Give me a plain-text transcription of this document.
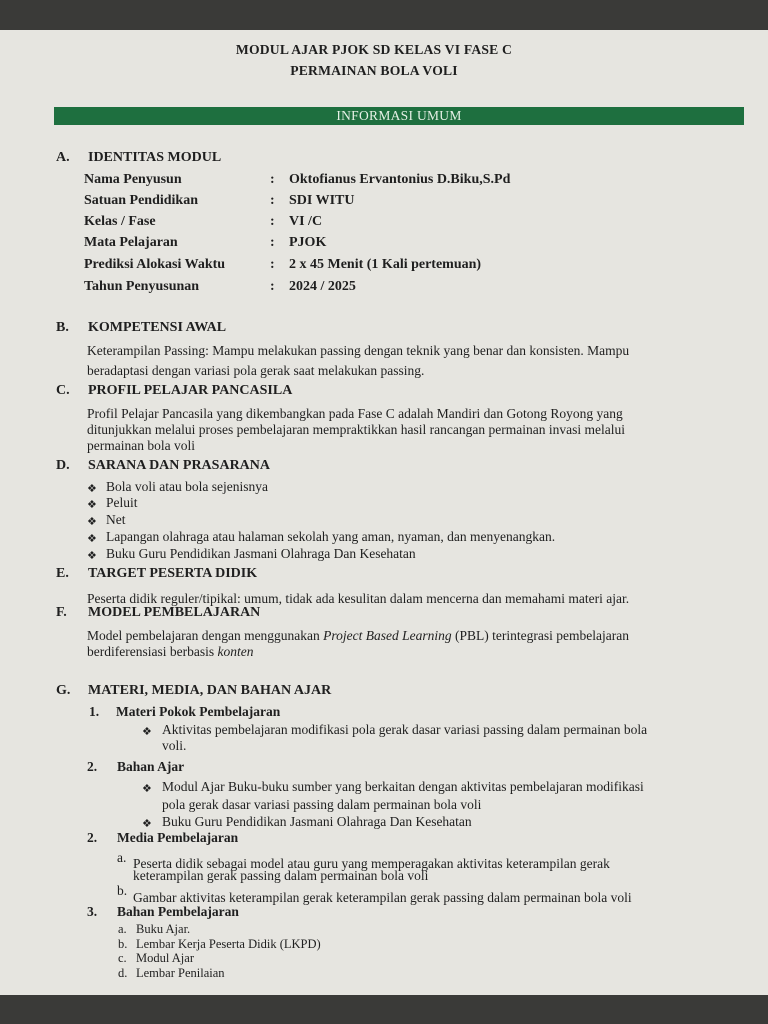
MODUL AJAR PJOK SD KELAS VI FASE C
PERMAINAN BOLA VOLI
INFORMASI UMUM
A. IDENTITAS MODUL
Nama Penyusun	: Oktofianus Ervantonius D.Biku,S.Pd
Satuan Pendidikan	: SDI WITU
Kelas / Fase	: VI /C
Mata Pelajaran	: PJOK
Prediksi Alokasi Waktu	: 2 x 45 Menit (1 Kali pertemuan)
Tahun Penyusunan	: 2024 / 2025
B. KOMPETENSI AWAL
Keterampilan Passing: Mampu melakukan passing dengan teknik yang benar dan konsisten. Mampu
beradaptasi dengan variasi pola gerak saat melakukan passing.
C. PROFIL PELAJAR PANCASILA
Profil Pelajar Pancasila yang dikembangkan pada Fase C adalah Mandiri dan Gotong Royong yang
ditunjukkan melalui proses pembelajaran mempraktikkan hasil rancangan permainan invasi melalui
permainan bola voli
D. SARANA DAN PRASARANA
❖ Bola voli atau bola sejenisnya
❖ Peluit
❖ Net
❖ Lapangan olahraga atau halaman sekolah yang aman, nyaman, dan menyenangkan.
❖ Buku Guru Pendidikan Jasmani Olahraga Dan Kesehatan
E. TARGET PESERTA DIDIK
Peserta didik reguler/tipikal: umum, tidak ada kesulitan dalam mencerna dan memahami materi ajar.
F. MODEL PEMBELAJARAN
Model pembelajaran dengan menggunakan Project Based Learning (PBL) terintegrasi pembelajaran
berdiferensiasi berbasis konten
G. MATERI, MEDIA, DAN BAHAN AJAR
1. Materi Pokok Pembelajaran
❖ Aktivitas pembelajaran modifikasi pola gerak dasar variasi passing dalam permainan bola
voli.
2. Bahan Ajar
❖ Modul Ajar Buku-buku sumber yang berkaitan dengan aktivitas pembelajaran modifikasi
pola gerak dasar variasi passing dalam permainan bola voli
❖ Buku Guru Pendidikan Jasmani Olahraga Dan Kesehatan
2. Media Pembelajaran
a. Peserta didik sebagai model atau guru yang memperagakan aktivitas keterampilan gerak
keterampilan gerak passing dalam permainan bola voli
b. Gambar aktivitas keterampilan gerak keterampilan gerak passing dalam permainan bola voli
3. Bahan Pembelajaran
a. Buku Ajar.
b. Lembar Kerja Peserta Didik (LKPD)
c. Modul Ajar
d. Lembar Penilaian
